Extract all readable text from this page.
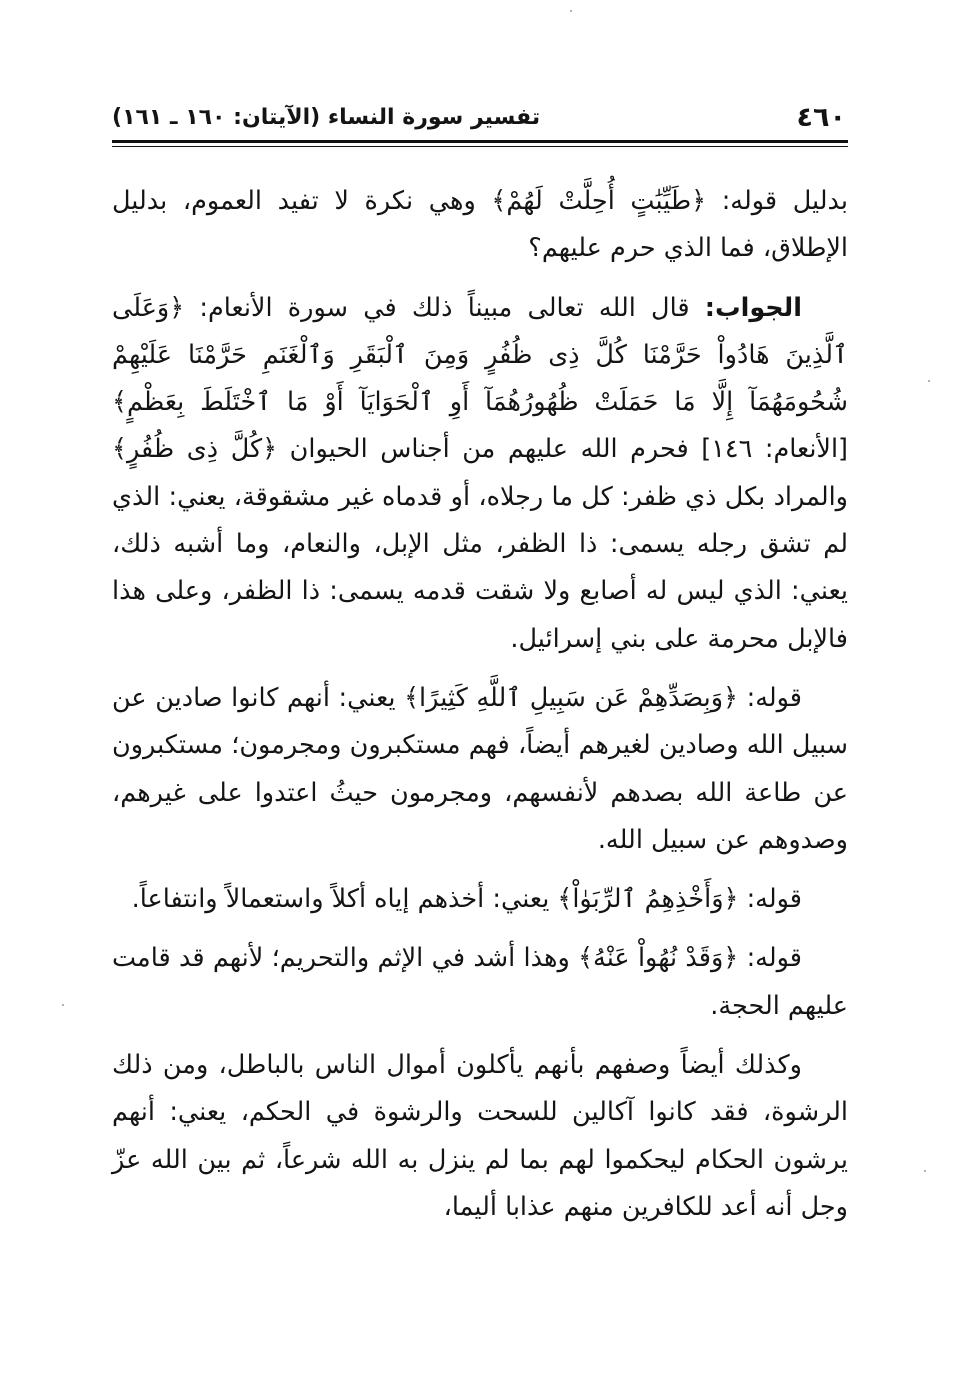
٤٦٠
تفسير سورة النساء (الآيتان: ١٦٠ ـ ١٦١)

بدليل قوله: ﴿طَيِّبَٰتٍ أُحِلَّتْ لَهُمْ﴾ وهي نكرة لا تفيد العموم، بدليل الإطلاق، فما الذي حرم عليهم؟

الجواب: قال الله تعالى مبيناً ذلك في سورة الأنعام: ﴿وَعَلَى ٱلَّذِينَ هَادُواْ حَرَّمْنَا كُلَّ ذِى ظُفُرٍ وَمِنَ ٱلْبَقَرِ وَٱلْغَنَمِ حَرَّمْنَا عَلَيْهِمْ شُحُومَهُمَآ إِلَّا مَا حَمَلَتْ ظُهُورُهُمَآ أَوِ ٱلْحَوَايَآ أَوْ مَا ٱخْتَلَطَ بِعَظْمٍ﴾ [الأنعام: ١٤٦] فحرم الله عليهم من أجناس الحيوان ﴿كُلَّ ذِى ظُفُرٍ﴾ والمراد بكل ذي ظفر: كل ما رجلاه، أو قدماه غير مشقوقة، يعني: الذي لم تشق رجله يسمى: ذا الظفر، مثل الإبل، والنعام، وما أشبه ذلك، يعني: الذي ليس له أصابع ولا شقت قدمه يسمى: ذا الظفر، وعلى هذا فالإبل محرمة على بني إسرائيل.

قوله: ﴿وَبِصَدِّهِمْ عَن سَبِيلِ ٱللَّهِ كَثِيرًا﴾ يعني: أنهم كانوا صادين عن سبيل الله وصادين لغيرهم أيضاً، فهم مستكبرون ومجرمون؛ مستكبرون عن طاعة الله بصدهم لأنفسهم، ومجرمون حيثُ اعتدوا على غيرهم، وصدوهم عن سبيل الله.

قوله: ﴿وَأَخْذِهِمُ ٱلرِّبَوٰاْ﴾ يعني: أخذهم إياه أكلاً واستعمالاً وانتفاعاً.

قوله: ﴿وَقَدْ نُهُواْ عَنْهُ﴾ وهذا أشد في الإثم والتحريم؛ لأنهم قد قامت عليهم الحجة.

وكذلك أيضاً وصفهم بأنهم يأكلون أموال الناس بالباطل، ومن ذلك الرشوة، فقد كانوا آكالين للسحت والرشوة في الحكم، يعني: أنهم يرشون الحكام ليحكموا لهم بما لم ينزل به الله شرعاً، ثم بين الله عزّ وجل أنه أعد للكافرين منهم عذابا أليما،
